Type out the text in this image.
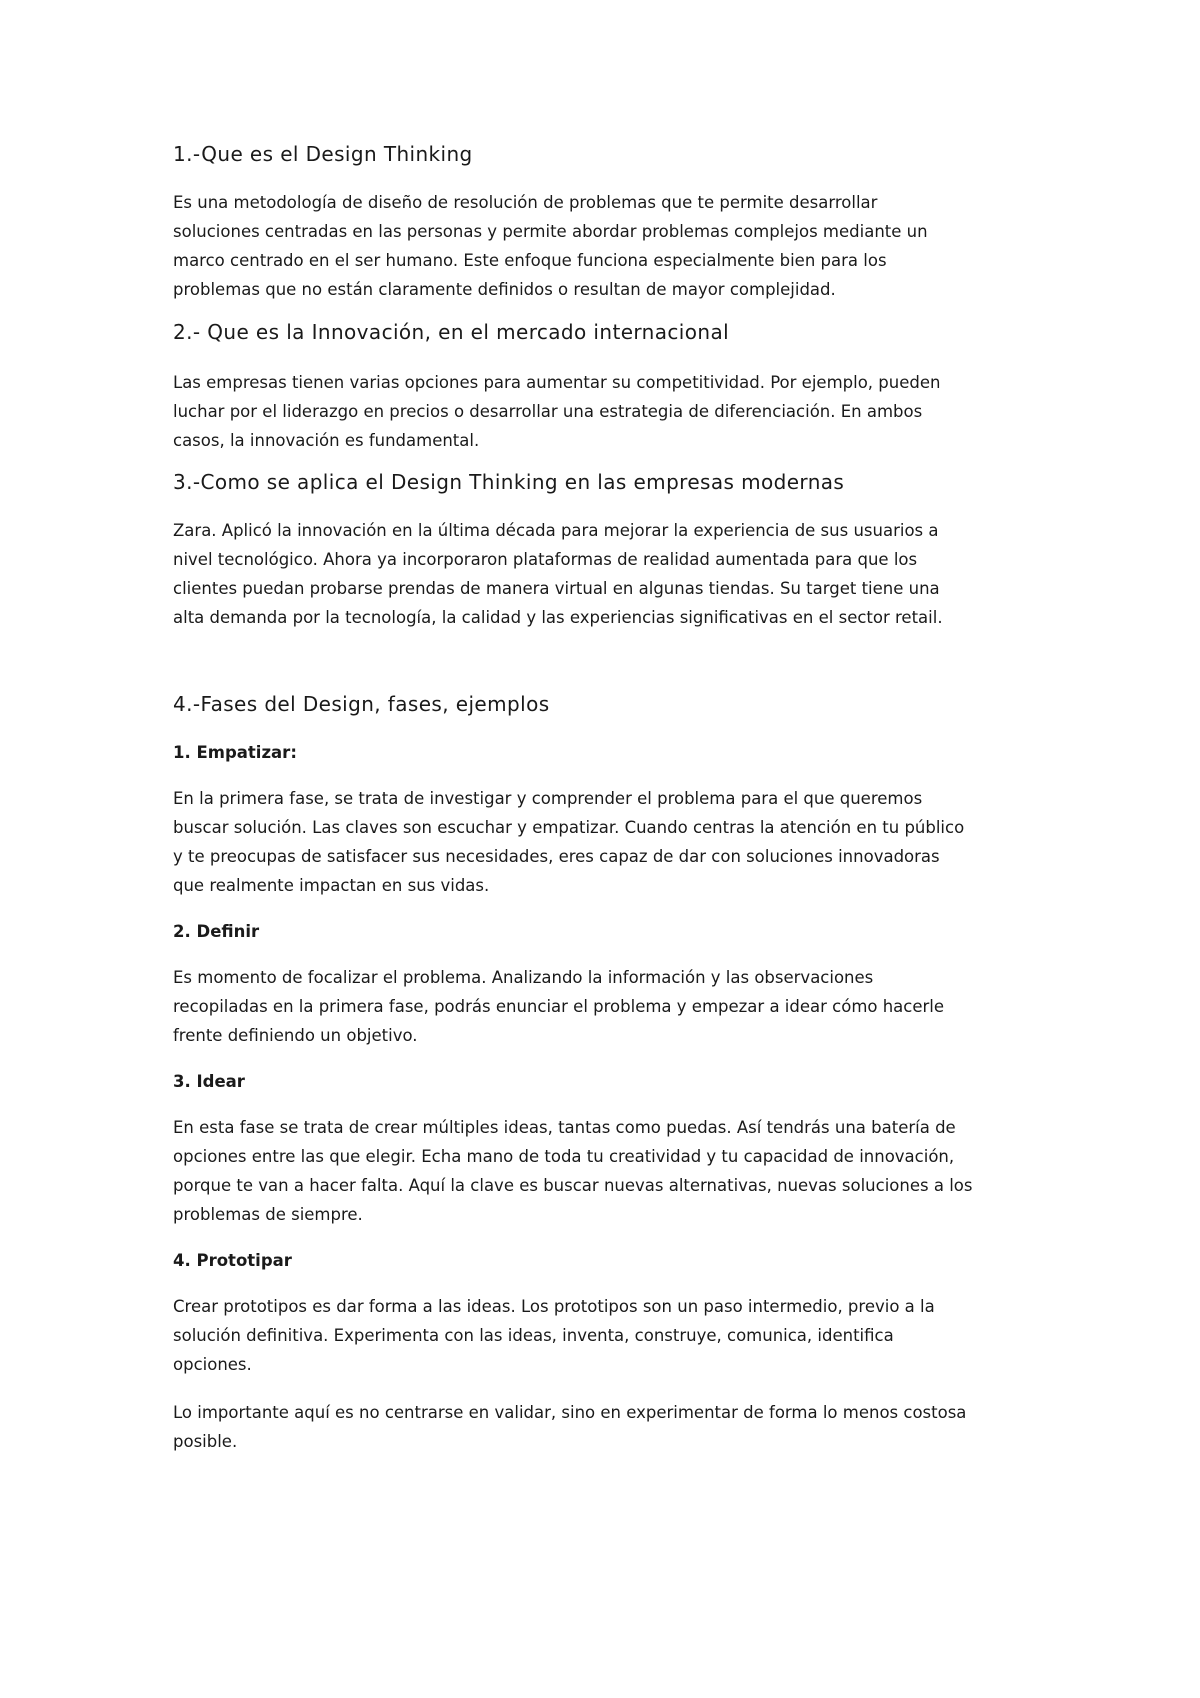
1.-Que es el Design Thinking
Es una metodología de diseño de resolución de problemas que te permite desarrollar
soluciones centradas en las personas y permite abordar problemas complejos mediante un
marco centrado en el ser humano. Este enfoque funciona especialmente bien para los
problemas que no están claramente definidos o resultan de mayor complejidad.
2.- Que es la Innovación, en el mercado internacional
Las empresas tienen varias opciones para aumentar su competitividad. Por ejemplo, pueden
luchar por el liderazgo en precios o desarrollar una estrategia de diferenciación. En ambos
casos, la innovación es fundamental.
3.-Como se aplica el Design Thinking en las empresas modernas
Zara. Aplicó la innovación en la última década para mejorar la experiencia de sus usuarios a
nivel tecnológico. Ahora ya incorporaron plataformas de realidad aumentada para que los
clientes puedan probarse prendas de manera virtual en algunas tiendas. Su target tiene una
alta demanda por la tecnología, la calidad y las experiencias significativas en el sector retail.
4.-Fases del Design, fases, ejemplos
1. Empatizar:
En la primera fase, se trata de investigar y comprender el problema para el que queremos
buscar solución. Las claves son escuchar y empatizar. Cuando centras la atención en tu público
y te preocupas de satisfacer sus necesidades, eres capaz de dar con soluciones innovadoras
que realmente impactan en sus vidas.
2. Definir
Es momento de focalizar el problema. Analizando la información y las observaciones
recopiladas en la primera fase, podrás enunciar el problema y empezar a idear cómo hacerle
frente definiendo un objetivo.
3. Idear
En esta fase se trata de crear múltiples ideas, tantas como puedas. Así tendrás una batería de
opciones entre las que elegir. Echa mano de toda tu creatividad y tu capacidad de innovación,
porque te van a hacer falta. Aquí la clave es buscar nuevas alternativas, nuevas soluciones a los
problemas de siempre.
4. Prototipar
Crear prototipos es dar forma a las ideas. Los prototipos son un paso intermedio, previo a la
solución definitiva. Experimenta con las ideas, inventa, construye, comunica, identifica
opciones.
Lo importante aquí es no centrarse en validar, sino en experimentar de forma lo menos costosa
posible.
